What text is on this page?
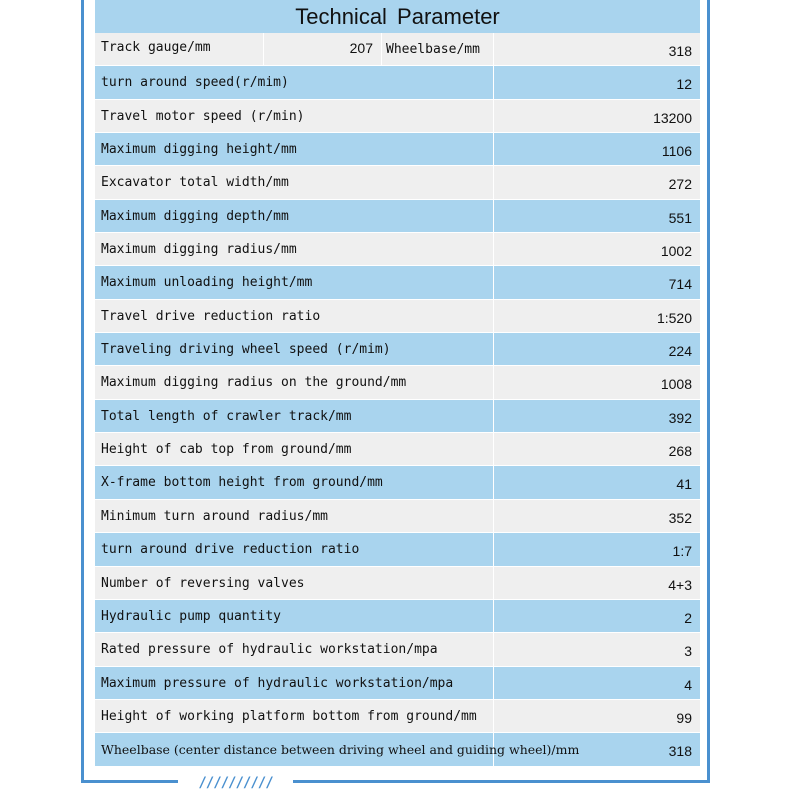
Technical Parameter
Track gauge/mm	207	Wheelbase/mm	318
turn around speed(r/mim)	12
Travel motor speed (r/min)	13200
Maximum digging height/mm	1106
Excavator total width/mm	272
Maximum digging depth/mm	551
Maximum digging radius/mm	1002
Maximum unloading height/mm	714
Travel drive reduction ratio	1:520
Traveling driving wheel speed (r/mim)	224
Maximum digging radius on the ground/mm	1008
Total length of crawler track/mm	392
Height of cab top from ground/mm	268
X-frame bottom height from ground/mm	41
Minimum turn around radius/mm	352
turn around drive reduction ratio	1:7
Number of reversing valves	4+3
Hydraulic pump quantity	2
Rated pressure of hydraulic workstation/mpa	3
Maximum pressure of hydraulic workstation/mpa	4
Height of working platform bottom from ground/mm	99
Wheelbase (center distance between driving wheel and guiding wheel)/mm	318
//////////
